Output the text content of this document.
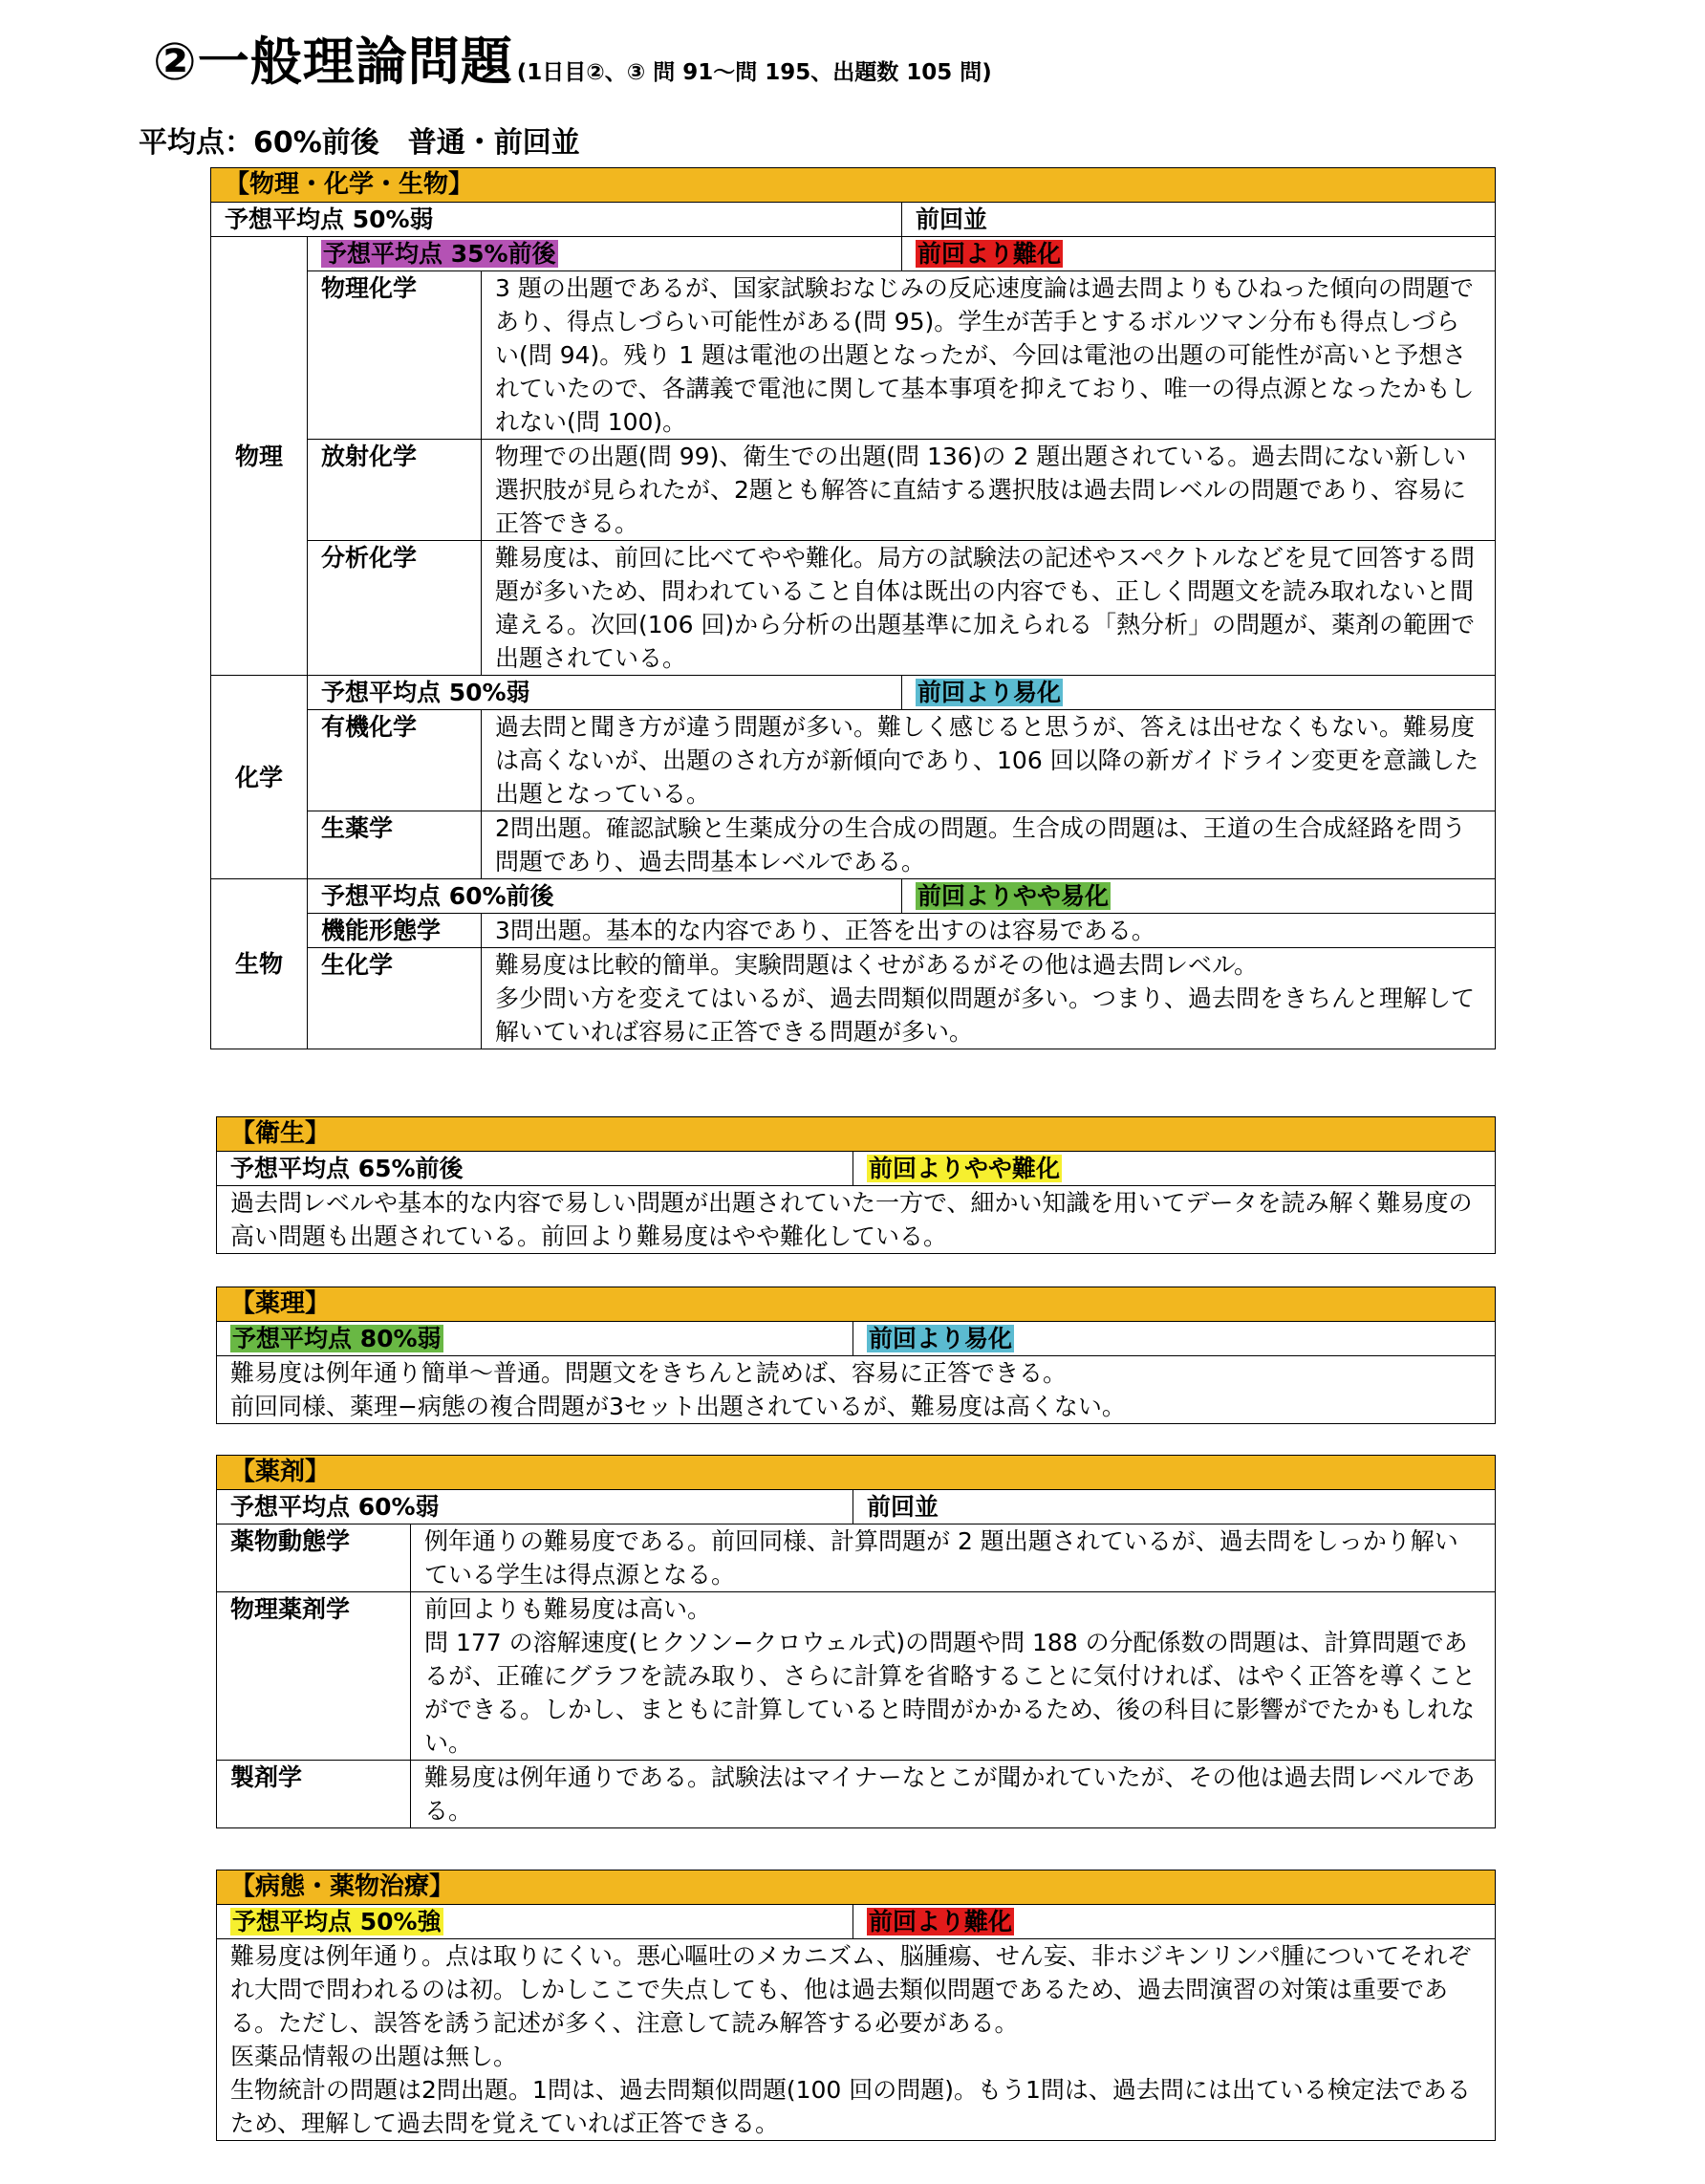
②一般理論問題 (1日目②、③ 問 91～問 195、出題数 105 問)
平均点：60%前後　普通・前回並
【物理・化学・生物】			
予想平均点 50%弱			前回並
物理	予想平均点 35%前後		前回より難化
	物理化学	3 題の出題であるが、国家試験おなじみの反応速度論は過去問よりもひねった傾向の問題であり、得点しづらい可能性がある(問 95)。学生が苦手とするボルツマン分布も得点しづらい(問 94)。残り 1 題は電池の出題となったが、今回は電池の出題の可能性が高いと予想されていたので、各講義で電池に関して基本事項を抑えており、唯一の得点源となったかもしれない(問 100)。	
	放射化学	物理での出題(問 99)、衛生での出題(問 136)の 2 題出題されている。過去問にない新しい選択肢が見られたが、2題とも解答に直結する選択肢は過去問レベルの問題であり、容易に正答できる。	
	分析化学	難易度は、前回に比べてやや難化。局方の試験法の記述やスペクトルなどを見て回答する問題が多いため、問われていること自体は既出の内容でも、正しく問題文を読み取れないと間違える。次回(106 回)から分析の出題基準に加えられる「熱分析」の問題が、薬剤の範囲で出題されている。	
化学	予想平均点 50%弱		前回より易化
	有機化学	過去問と聞き方が違う問題が多い。難しく感じると思うが、答えは出せなくもない。難易度は高くないが、出題のされ方が新傾向であり、106 回以降の新ガイドライン変更を意識した出題となっている。	
	生薬学	2問出題。確認試験と生薬成分の生合成の問題。生合成の問題は、王道の生合成経路を問う問題であり、過去問基本レベルである。	
生物	予想平均点 60%前後		前回よりやや易化
	機能形態学	3問出題。基本的な内容であり、正答を出すのは容易である。	
	生化学	難易度は比較的簡単。実験問題はくせがあるがその他は過去問レベル。
多少問い方を変えてはいるが、過去問類似問題が多い。つまり、過去問をきちんと理解して解いていれば容易に正答できる問題が多い。	
【衛生】
予想平均点 65%前後	前回よりやや難化
過去問レベルや基本的な内容で易しい問題が出題されていた一方で、細かい知識を用いてデータを読み解く難易度の高い問題も出題されている。前回より難易度はやや難化している。
【薬理】
予想平均点 80%弱	前回より易化
難易度は例年通り簡単～普通。問題文をきちんと読めば、容易に正答できる。
前回同様、薬理−病態の複合問題が3セット出題されているが、難易度は高くない。
【薬剤】		
予想平均点 60%弱		前回並
薬物動態学	例年通りの難易度である。前回同様、計算問題が 2 題出題されているが、過去問をしっかり解いている学生は得点源となる。	
物理薬剤学	前回よりも難易度は高い。
問 177 の溶解速度(ヒクソン−クロウェル式)の問題や問 188 の分配係数の問題は、計算問題であるが、正確にグラフを読み取り、さらに計算を省略することに気付ければ、はやく正答を導くことができる。しかし、まともに計算していると時間がかかるため、後の科目に影響がでたかもしれない。	
製剤学	難易度は例年通りである。試験法はマイナーなとこが聞かれていたが、その他は過去問レベルである。	
【病態・薬物治療】
予想平均点 50%強	前回より難化
難易度は例年通り。点は取りにくい。悪心嘔吐のメカニズム、脳腫瘍、せん妄、非ホジキンリンパ腫についてそれぞれ大問で問われるのは初。しかしここで失点しても、他は過去類似問題であるため、過去問演習の対策は重要である。ただし、誤答を誘う記述が多く、注意して読み解答する必要がある。
医薬品情報の出題は無し。
生物統計の問題は2問出題。1問は、過去問類似問題(100 回の問題)。もう1問は、過去問には出ている検定法であるため、理解して過去問を覚えていれば正答できる。
